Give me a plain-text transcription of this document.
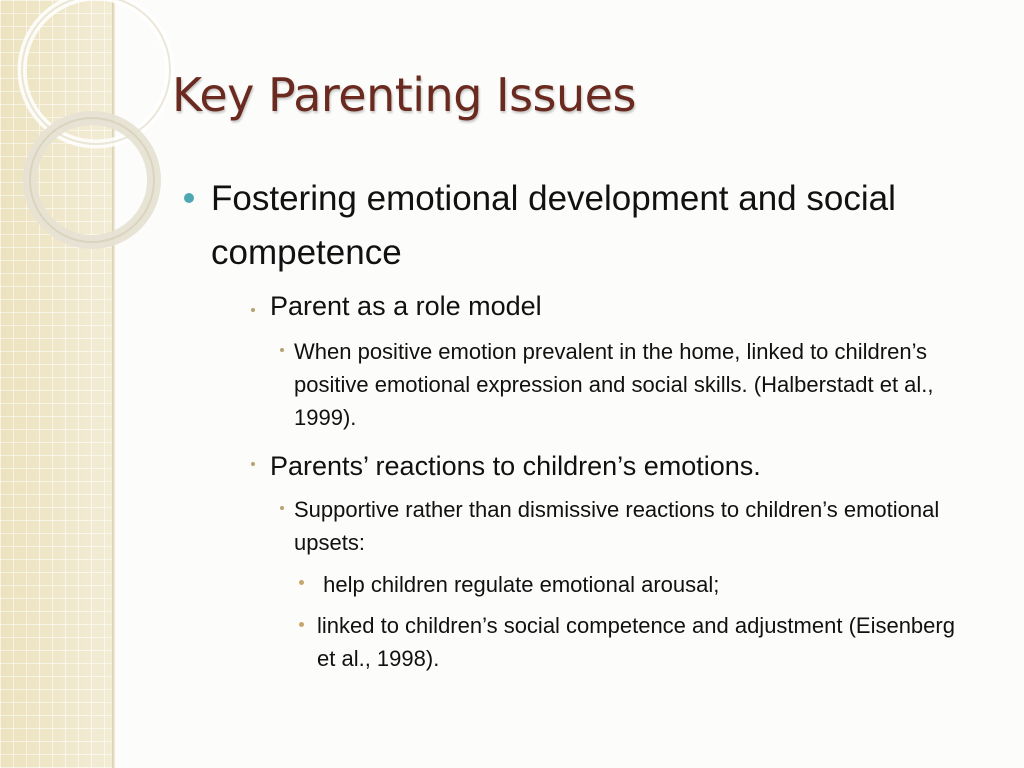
Key Parenting Issues
Fostering emotional development and social competence
Parent as a role model
When positive emotion prevalent in the home, linked to children’s positive emotional expression and social skills. (Halberstadt et al., 1999).
Parents’ reactions to children’s emotions.
Supportive rather than dismissive reactions to children’s emotional upsets:
help children regulate emotional arousal;
linked to children’s social competence and adjustment (Eisenberg et al., 1998).
